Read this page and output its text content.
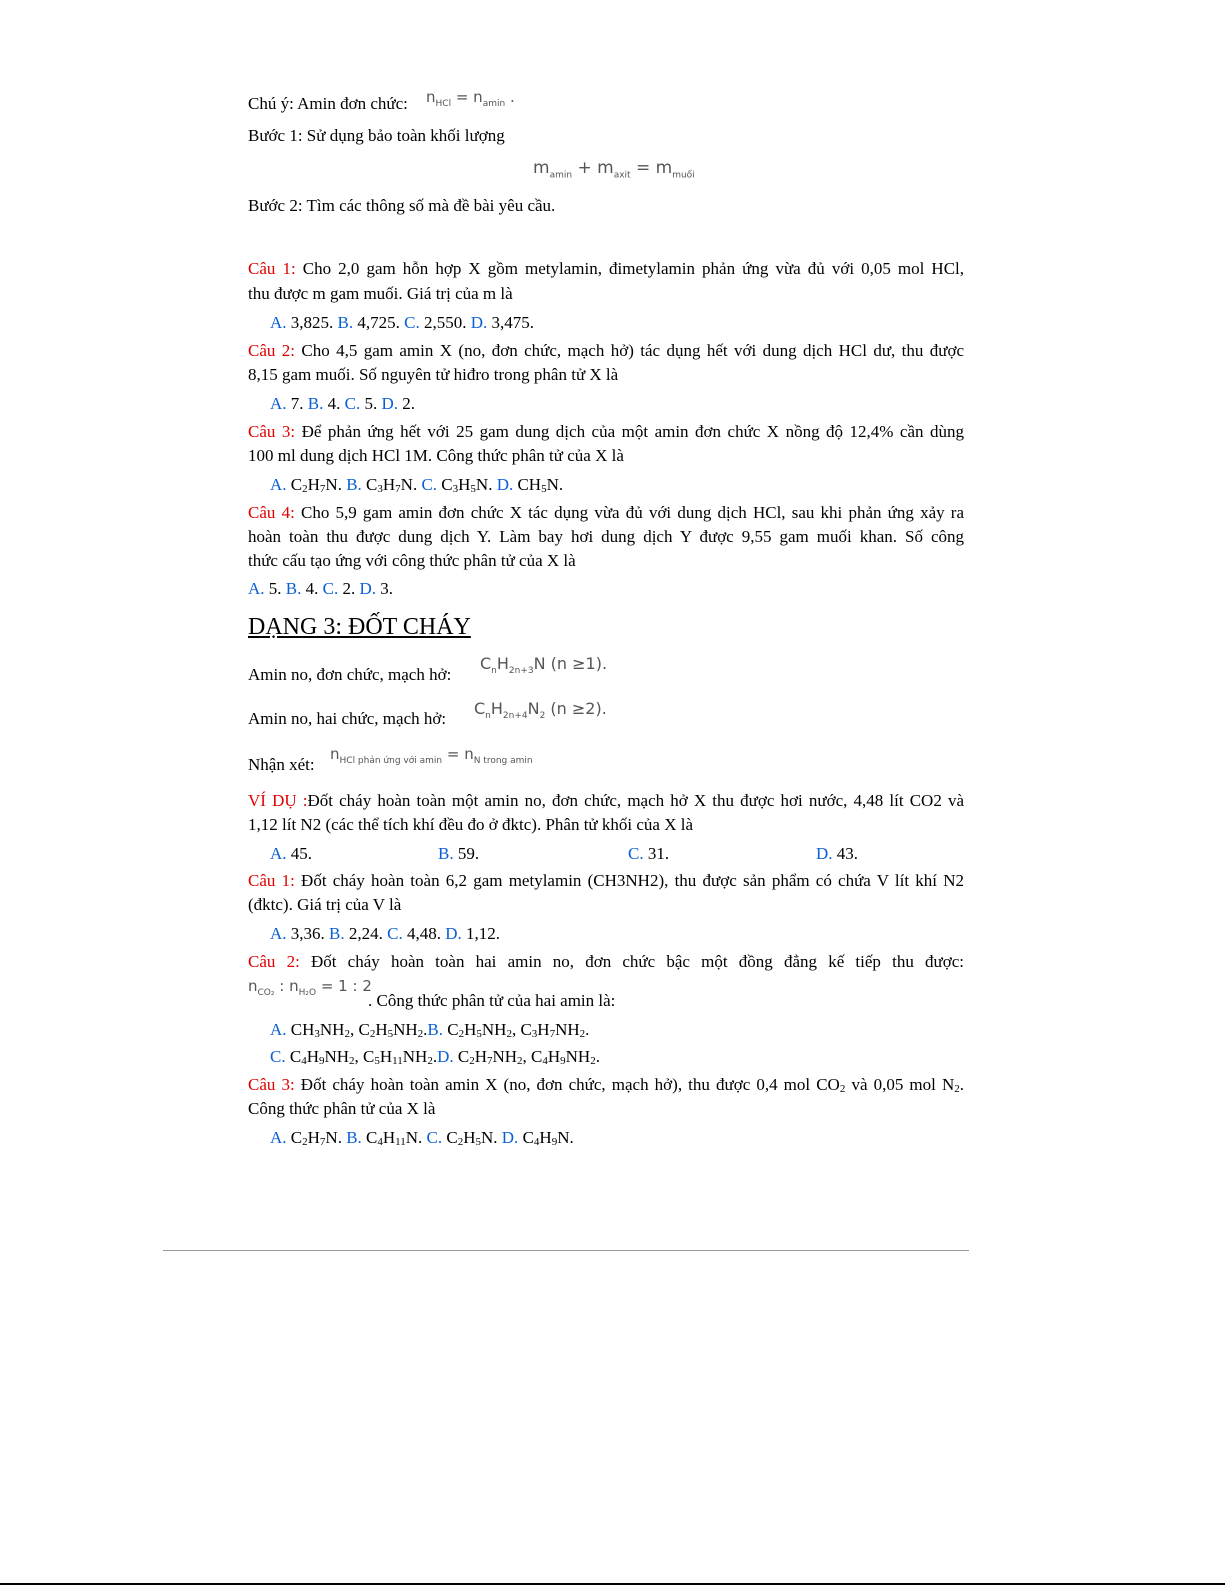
Chú ý: Amin đơn chức: $n_{HCl} = n_{amin}$ .
Bước 1: Sử dụng bảo toàn khối lượng
$m_{amin} + m_{axit} = m_{muối}$
Bước 2: Tìm các thông số mà đề bài yêu cầu.
Câu 1: Cho 2,0 gam hỗn hợp X gồm metylamin, đimetylamin phản ứng vừa đủ với 0,05 mol HCl,
thu được m gam muối. Giá trị của m là
A. 3,825. B. 4,725. C. 2,550. D. 3,475.
Câu 2: Cho 4,5 gam amin X (no, đơn chức, mạch hở) tác dụng hết với dung dịch HCl dư, thu được
8,15 gam muối. Số nguyên tử hiđro trong phân tử X là
A. 7. B. 4. C. 5. D. 2.
Câu 3: Để phản ứng hết với 25 gam dung dịch của một amin đơn chức X nồng độ 12,4% cần dùng
100 ml dung dịch HCl 1M. Công thức phân tử của X là
A. $C_2H_7N$. B. $C_3H_7N$. C. $C_3H_5N$. D. $CH_5N$.
Câu 4: Cho 5,9 gam amin đơn chức X tác dụng vừa đủ với dung dịch HCl, sau khi phản ứng xảy ra
hoàn toàn thu được dung dịch Y. Làm bay hơi dung dịch Y được 9,55 gam muối khan. Số công
thức cấu tạo ứng với công thức phân tử của X là
A. 5. B. 4. C. 2. D. 3.
DẠNG 3: ĐỐT CHÁY
Amin no, đơn chức, mạch hở:
$C_nH_{2n+3}N$ (n ≥1).
Amin no, hai chức, mạch hở:
$C_nH_{2n+4}N_2$ (n ≥2).
Nhận xét:
$n_{HCl phản ứng với amin} = n_{N trong amin}$
VÍ DỤ :Đốt cháy hoàn toàn một amin no, đơn chức, mạch hở X thu được hơi nước, 4,48 lít CO2 và
1,12 lít N2 (các thể tích khí đều đo ở đktc). Phân tử khối của X là
A. 45.	B. 59.	C. 31.	D. 43.
Câu 1: Đốt cháy hoàn toàn 6,2 gam metylamin (CH3NH2), thu được sản phẩm có chứa V lít khí N2
(đktc). Giá trị của V là
A. 3,36. B. 2,24. C. 4,48. D. 1,12.
Câu 2: Đốt cháy hoàn toàn hai amin no, đơn chức bậc một đồng đẳng kế tiếp thu được:
$n_{CO_2}$ : $n_{H_2O} = 1$ : 2
. Công thức phân tử của hai amin là:
A. $CH_3NH_2$, $C_2H_5NH_2.B$. $C_2H_5NH_2$, $C_3H_7NH_2$.
C. $C_4H_9NH_2$, $C_5H_{11}NH_2.D$. $C_2H_7NH_2$, $C_4H_9NH_2$.
Câu 3: Đốt cháy hoàn toàn amin X (no, đơn chức, mạch hở), thu được 0,4 mol $CO_2$ và 0,05 mol $N_2$.
Công thức phân tử của X là
A. $C_2H_7N$. B. $C_4H_{11}N$. C. $C_2H_5N$. D. $C_4H_9N$.
